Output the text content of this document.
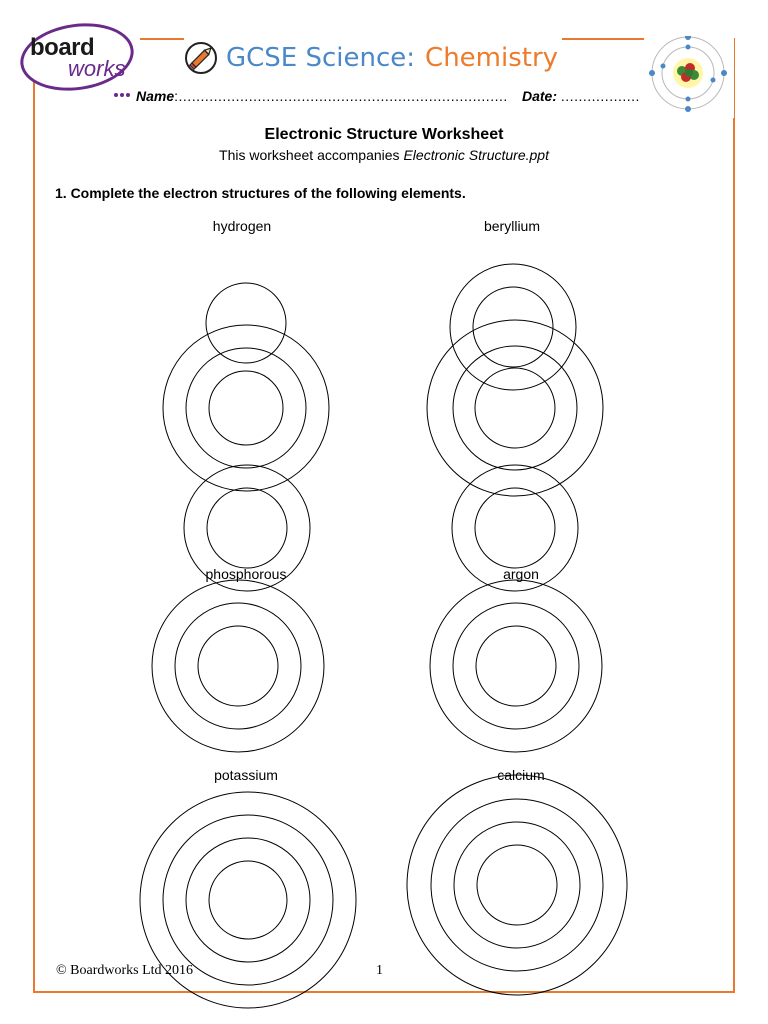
board
works	GCSE Science: Chemistry
Name:........................................................................... Date: ..................
Electronic Structure Worksheet
This worksheet accompanies Electronic Structure.ppt
1. Complete the electron structures of the following elements.
hydrogen	beryllium
phosphorous	argon
potassium	calcium
© Boardworks Ltd 2016	1
